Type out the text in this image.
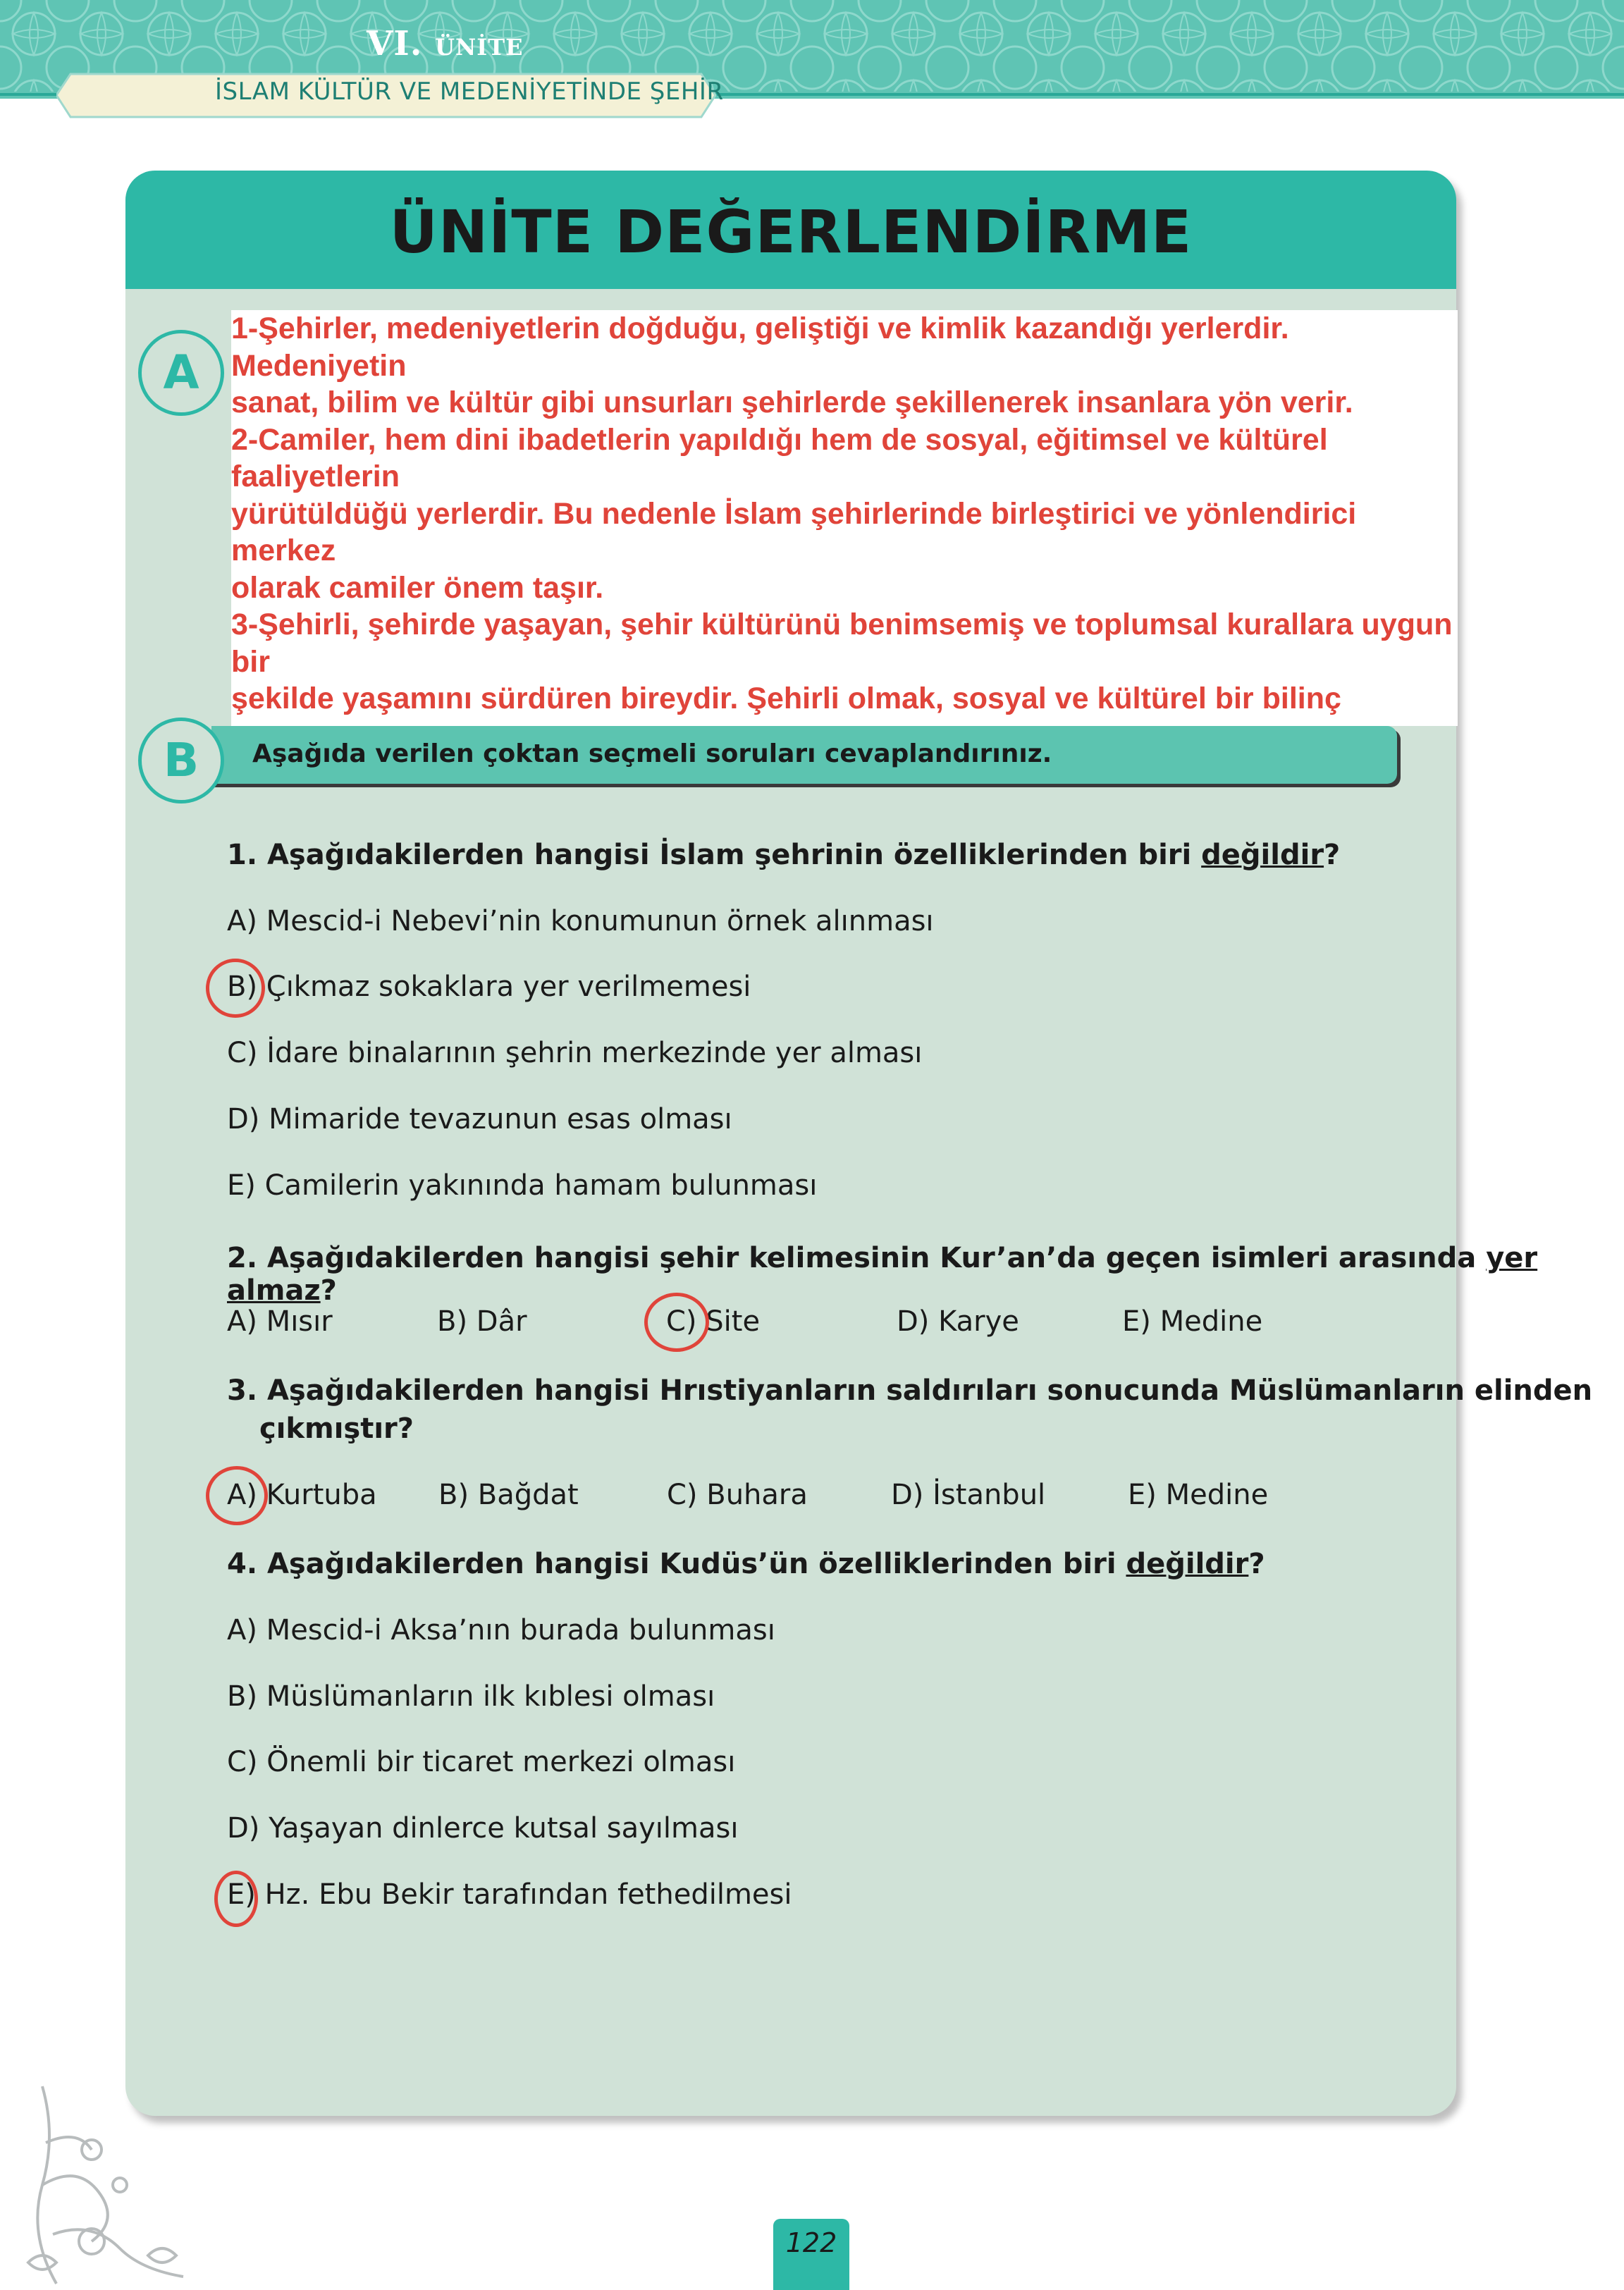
VI. ÜNİTE
İSLAM KÜLTÜR VE MEDENİYETİNDE ŞEHİR
ÜNİTE DEĞERLENDİRME
A

1-Şehirler, medeniyetlerin doğduğu, geliştiği ve kimlik kazandığı yerlerdir. Medeniyetin

sanat, bilim ve kültür gibi unsurları şehirlerde şekillenerek insanlara yön verir.

2-Camiler, hem dini ibadetlerin yapıldığı hem de sosyal, eğitimsel ve kültürel faaliyetlerin

yürütüldüğü yerlerdir. Bu nedenle İslam şehirlerinde birleştirici ve yönlendirici merkez

olarak camiler önem taşır.

3-Şehirli, şehirde yaşayan, şehir kültürünü benimsemiş ve toplumsal kurallara uygun bir

şekilde yaşamını sürdüren bireydir. Şehirli olmak, sosyal ve kültürel bir bilinç

Aşağıda verilen çoktan seçmeli soruları cevaplandırınız.
B
1. Aşağıdakilerden hangisi İslam şehrinin özelliklerinden biri değildir?
A) Mescid-i Nebevi’nin konumunun örnek alınması
B) Çıkmaz sokaklara yer verilmemesi
C) İdare binalarının şehrin merkezinde yer alması
D) Mimaride tevazunun esas olması
E) Camilerin yakınında hamam bulunması
2. Aşağıdakilerden hangisi şehir kelimesinin Kur’an’da geçen isimleri arasında yer almaz?
A) Mısır	B) Dâr	C) Site	D) Karye	E) Medine
3. Aşağıdakilerden hangisi Hrıstiyanların saldırıları sonucunda Müslümanların elinden
çıkmıştır?
A) Kurtuba B) Bağdat	C) Buhara	D) İstanbul	E) Medine
4. Aşağıdakilerden hangisi Kudüs’ün özelliklerinden biri değildir?
A) Mescid-i Aksa’nın burada bulunması
B) Müslümanların ilk kıblesi olması
C) Önemli bir ticaret merkezi olması
D) Yaşayan dinlerce kutsal sayılması
E) Hz. Ebu Bekir tarafından fethedilmesi
122
